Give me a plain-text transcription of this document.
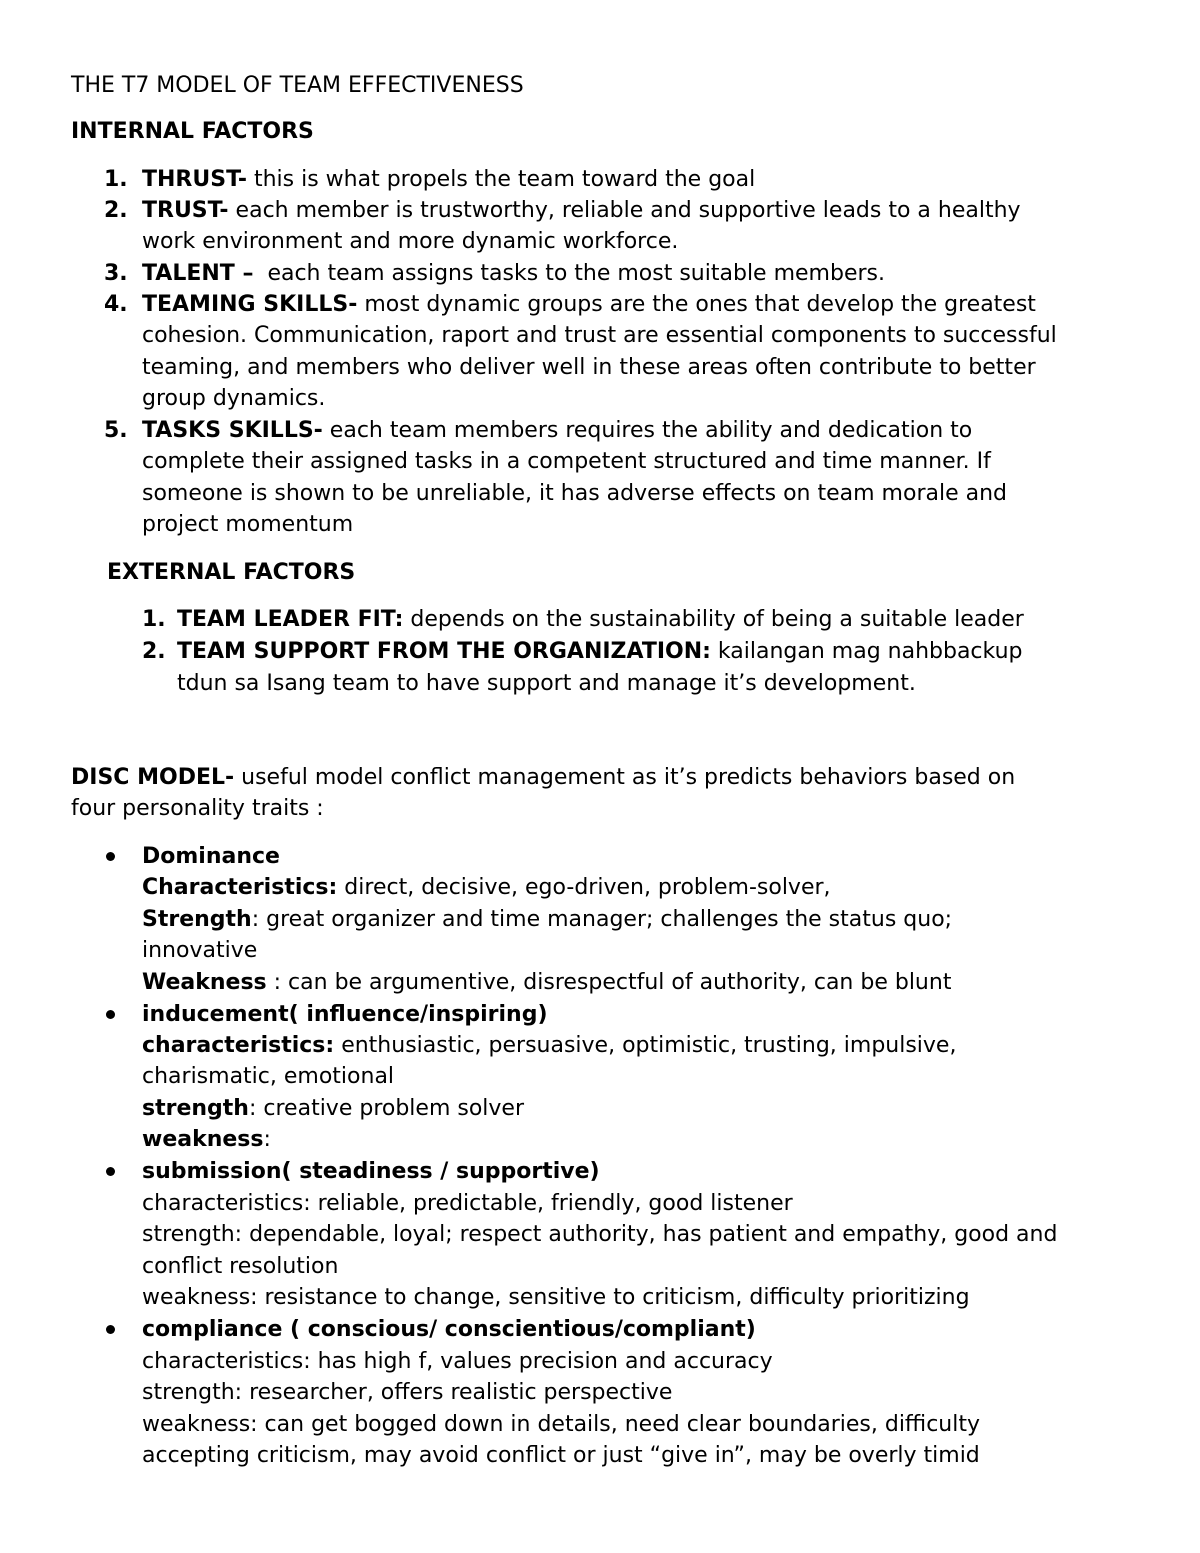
THE T7 MODEL OF TEAM EFFECTIVENESS
INTERNAL FACTORS
1. THRUST- this is what propels the team toward the goal
2. TRUST- each member is trustworthy, reliable and supportive leads to a healthy
work environment and more dynamic workforce.
3. TALENT –  each team assigns tasks to the most suitable members.
4. TEAMING SKILLS- most dynamic groups are the ones that develop the greatest
cohesion. Communication, raport and trust are essential components to successful
teaming, and members who deliver well in these areas often contribute to better
group dynamics.
5. TASKS SKILLS- each team members requires the ability and dedication to
complete their assigned tasks in a competent structured and time manner. If
someone is shown to be unreliable, it has adverse effects on team morale and
project momentum
EXTERNAL FACTORS
1. TEAM LEADER FIT: depends on the sustainability of being a suitable leader
2. TEAM SUPPORT FROM THE ORGANIZATION: kailangan mag nahbbackup
tdun sa Isang team to have support and manage it’s development.
DISC MODEL- useful model conflict management as it’s predicts behaviors based on
four personality traits :
Dominance
Characteristics: direct, decisive, ego-driven, problem-solver,
Strength: great organizer and time manager; challenges the status quo;
innovative
Weakness : can be argumentive, disrespectful of authority, can be blunt
inducement( influence/inspiring)
characteristics: enthusiastic, persuasive, optimistic, trusting, impulsive,
charismatic, emotional
strength: creative problem solver
weakness:
submission( steadiness / supportive)
characteristics: reliable, predictable, friendly, good listener
strength: dependable, loyal; respect authority, has patient and empathy, good and
conflict resolution
weakness: resistance to change, sensitive to criticism, difficulty prioritizing
compliance ( conscious/ conscientious/compliant)
characteristics: has high f, values precision and accuracy
strength: researcher, offers realistic perspective
weakness: can get bogged down in details, need clear boundaries, difficulty
accepting criticism, may avoid conflict or just “give in”, may be overly timid
